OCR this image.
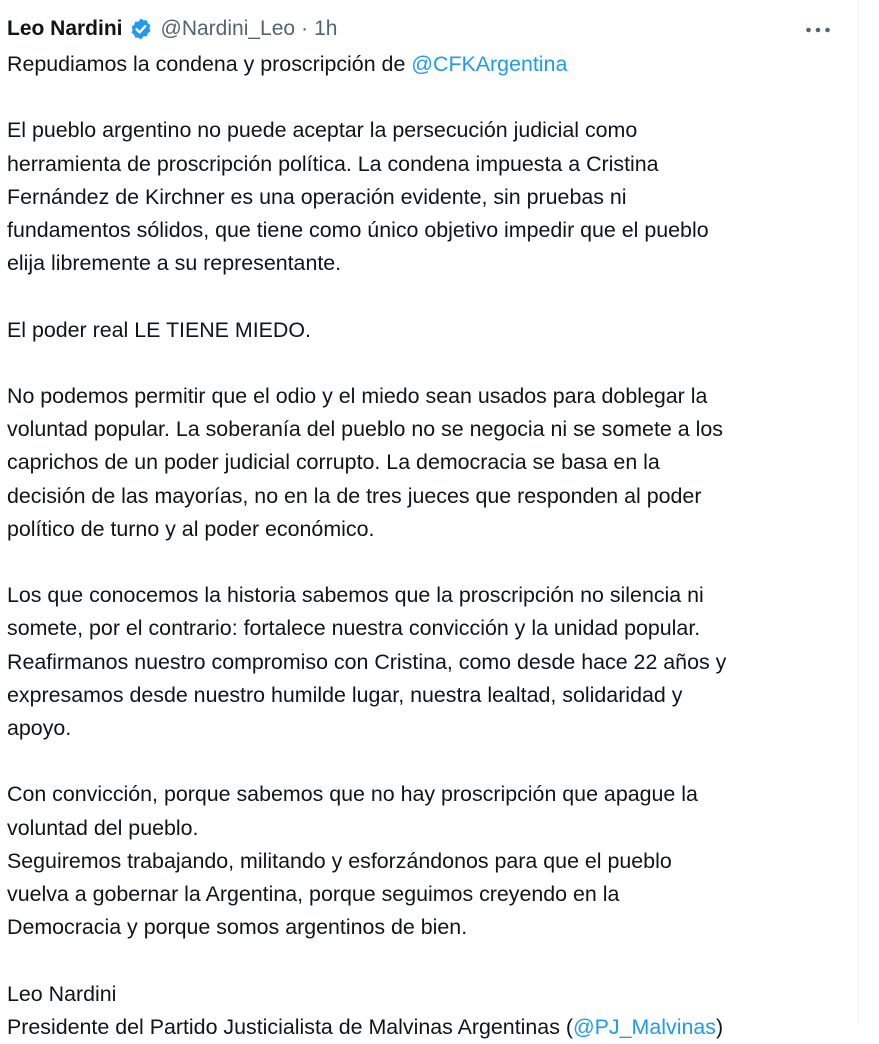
Leo Nardini @Nardini_Leo · 1h

Repudiamos la condena y proscripción de @CFKArgentina

El pueblo argentino no puede aceptar la persecución judicial como
herramienta de proscripción política. La condena impuesta a Cristina
Fernández de Kirchner es una operación evidente, sin pruebas ni
fundamentos sólidos, que tiene como único objetivo impedir que el pueblo
elija libremente a su representante.

El poder real LE TIENE MIEDO.

No podemos permitir que el odio y el miedo sean usados para doblegar la
voluntad popular. La soberanía del pueblo no se negocia ni se somete a los
caprichos de un poder judicial corrupto. La democracia se basa en la
decisión de las mayorías, no en la de tres jueces que responden al poder
político de turno y al poder económico.

Los que conocemos la historia sabemos que la proscripción no silencia ni
somete, por el contrario: fortalece nuestra convicción y la unidad popular.
Reafirmanos nuestro compromiso con Cristina, como desde hace 22 años y
expresamos desde nuestro humilde lugar, nuestra lealtad, solidaridad y
apoyo.

Con convicción, porque sabemos que no hay proscripción que apague la
voluntad del pueblo.
Seguiremos trabajando, militando y esforzándonos para que el pueblo
vuelva a gobernar la Argentina, porque seguimos creyendo en la
Democracia y porque somos argentinos de bien.

Leo Nardini

Presidente del Partido Justicialista de Malvinas Argentinas (@PJ_Malvinas)
